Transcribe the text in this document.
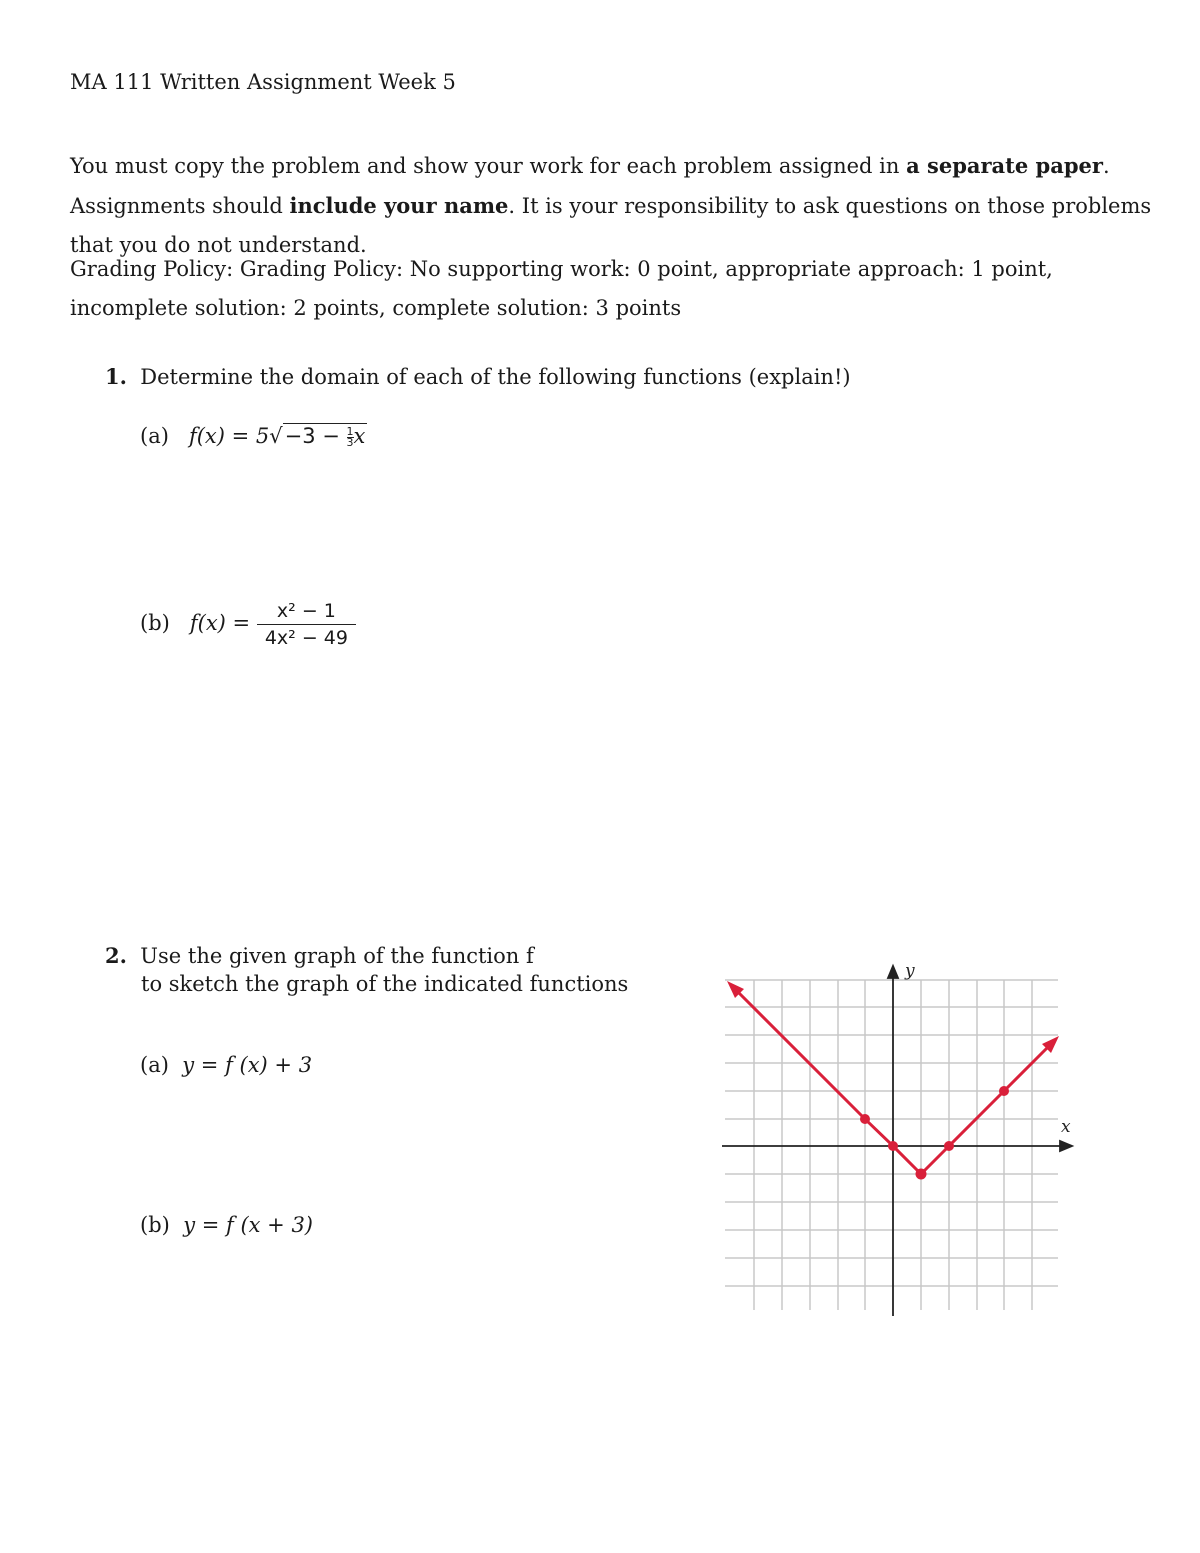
MA 111 Written Assignment Week 5
You must copy the problem and show your work for each problem assigned in a separate paper. Assignments should include your name. It is your responsibility to ask questions on those problems that you do not understand.
Grading Policy: Grading Policy: No supporting work: 0 point, appropriate approach: 1 point, incomplete solution: 2 points, complete solution: 3 points
1. Determine the domain of each of the following functions (explain!)
(a) $f(x) = 5√-3 - \frac{1}{3}$ x
(b) $f(x) = \frac{\text{x² − 1}}{\text{4x² − 49}}$
2. Use the given graph of the function f
to sketch the graph of the indicated functions
(a) y = f (x) + 3
(b) y = f (x + 3)
x
y
